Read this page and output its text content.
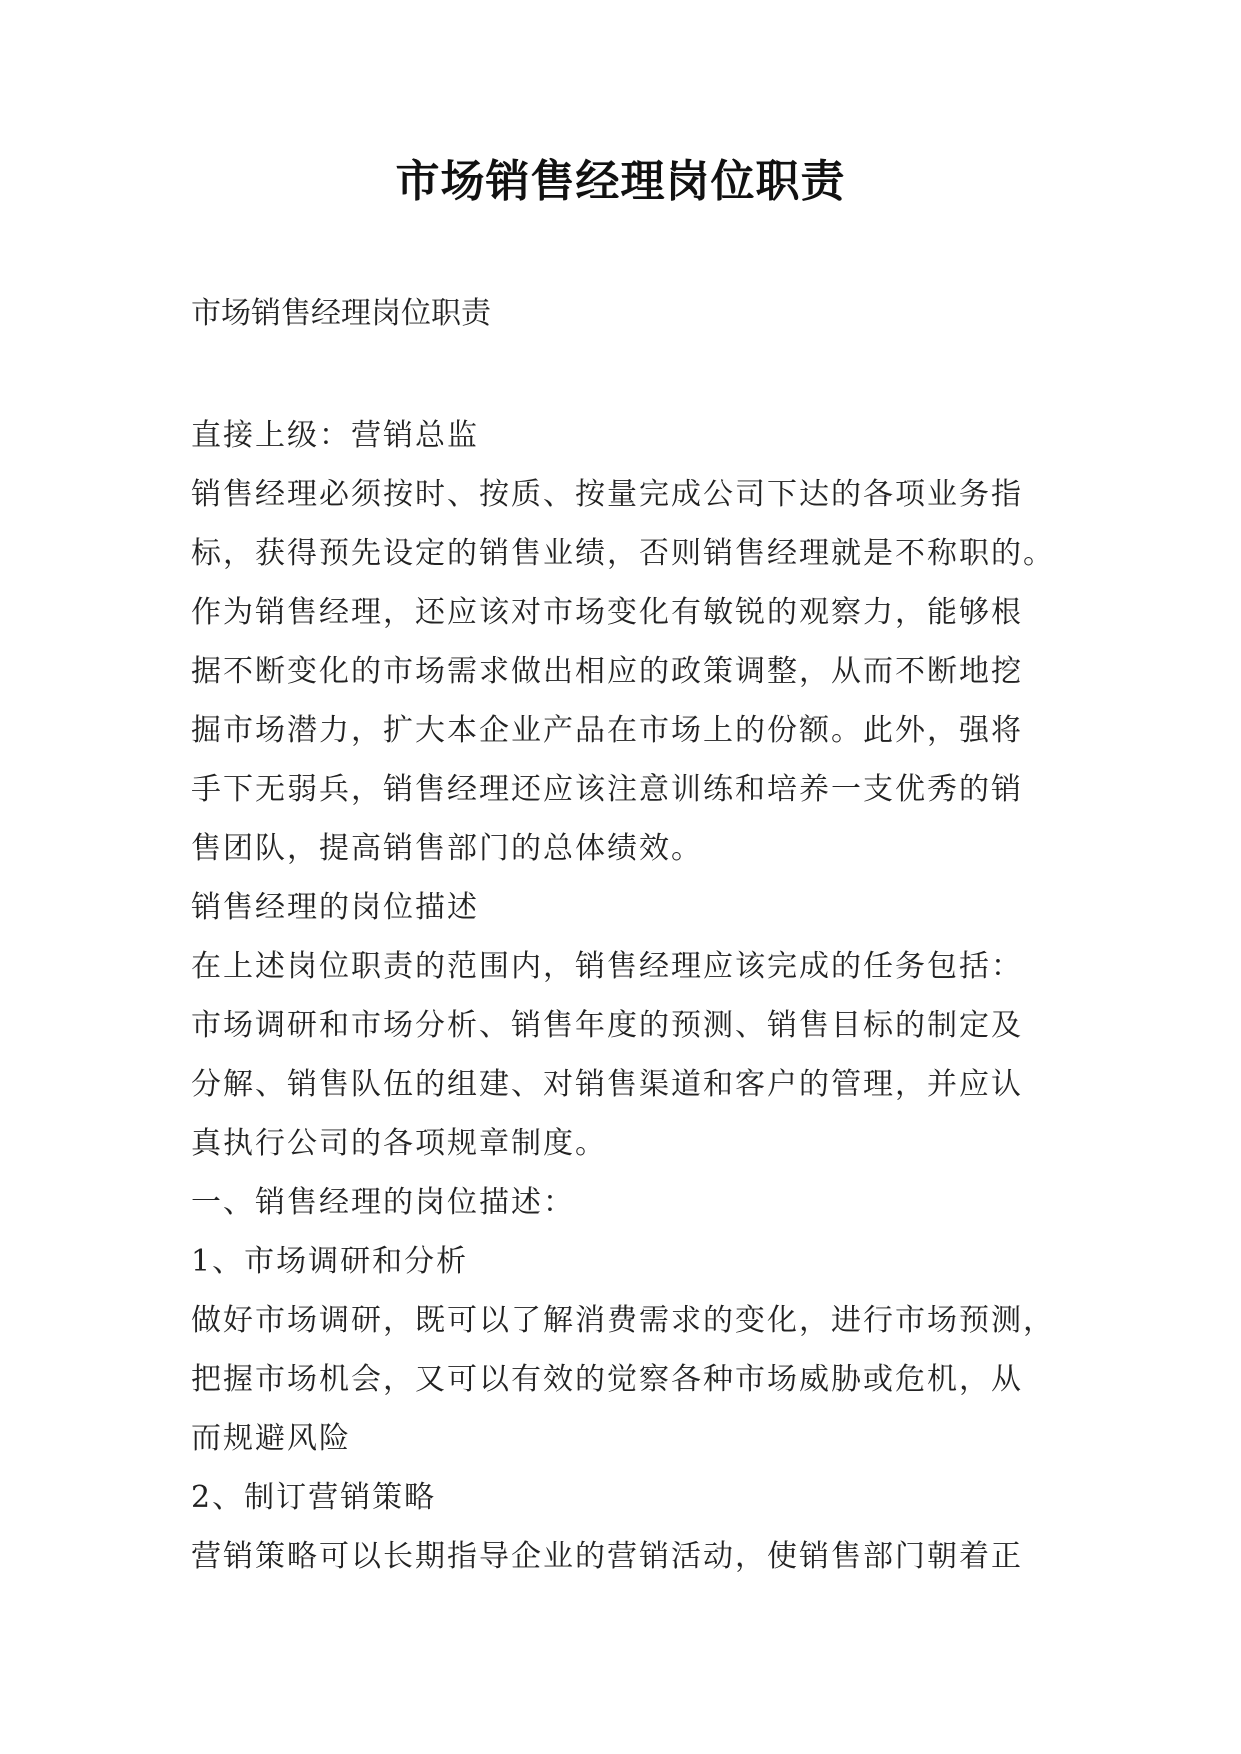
市场销售经理岗位职责
市场销售经理岗位职责
直接上级：营销总监
销售经理必须按时、按质、按量完成公司下达的各项业务指
标，获得预先设定的销售业绩，否则销售经理就是不称职的。
作为销售经理，还应该对市场变化有敏锐的观察力，能够根
据不断变化的市场需求做出相应的政策调整，从而不断地挖
掘市场潜力，扩大本企业产品在市场上的份额。此外，强将
手下无弱兵，销售经理还应该注意训练和培养一支优秀的销
售团队，提高销售部门的总体绩效。
销售经理的岗位描述
在上述岗位职责的范围内，销售经理应该完成的任务包括：
市场调研和市场分析、销售年度的预测、销售目标的制定及
分解、销售队伍的组建、对销售渠道和客户的管理，并应认
真执行公司的各项规章制度。
一、销售经理的岗位描述：
1、市场调研和分析
做好市场调研，既可以了解消费需求的变化，进行市场预测，
把握市场机会，又可以有效的觉察各种市场威胁或危机，从
而规避风险
2、制订营销策略
营销策略可以长期指导企业的营销活动，使销售部门朝着正
